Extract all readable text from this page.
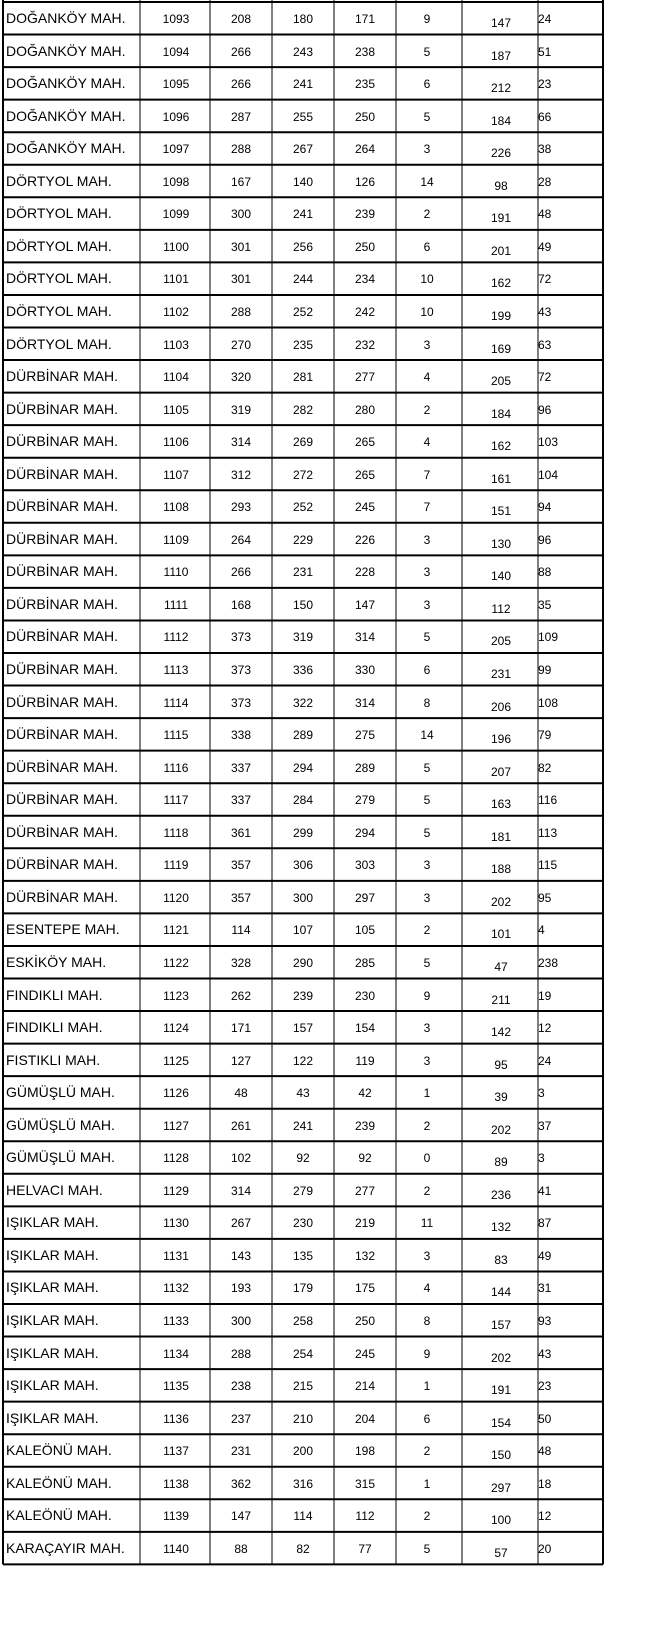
DOĞANKÖY MAH.	1093	208	180	171	9	147	24
DOĞANKÖY MAH.	1094	266	243	238	5	187	51
DOĞANKÖY MAH.	1095	266	241	235	6	212	23
DOĞANKÖY MAH.	1096	287	255	250	5	184	66
DOĞANKÖY MAH.	1097	288	267	264	3	226	38
DÖRTYOL MAH.	1098	167	140	126	14	98	28
DÖRTYOL MAH.	1099	300	241	239	2	191	48
DÖRTYOL MAH.	1100	301	256	250	6	201	49
DÖRTYOL MAH.	1101	301	244	234	10	162	72
DÖRTYOL MAH.	1102	288	252	242	10	199	43
DÖRTYOL MAH.	1103	270	235	232	3	169	63
DÜRBİNAR MAH.	1104	320	281	277	4	205	72
DÜRBİNAR MAH.	1105	319	282	280	2	184	96
DÜRBİNAR MAH.	1106	314	269	265	4	162	103
DÜRBİNAR MAH.	1107	312	272	265	7	161	104
DÜRBİNAR MAH.	1108	293	252	245	7	151	94
DÜRBİNAR MAH.	1109	264	229	226	3	130	96
DÜRBİNAR MAH.	1110	266	231	228	3	140	88
DÜRBİNAR MAH.	1111	168	150	147	3	112	35
DÜRBİNAR MAH.	1112	373	319	314	5	205	109
DÜRBİNAR MAH.	1113	373	336	330	6	231	99
DÜRBİNAR MAH.	1114	373	322	314	8	206	108
DÜRBİNAR MAH.	1115	338	289	275	14	196	79
DÜRBİNAR MAH.	1116	337	294	289	5	207	82
DÜRBİNAR MAH.	1117	337	284	279	5	163	116
DÜRBİNAR MAH.	1118	361	299	294	5	181	113
DÜRBİNAR MAH.	1119	357	306	303	3	188	115
DÜRBİNAR MAH.	1120	357	300	297	3	202	95
ESENTEPE MAH.	1121	114	107	105	2	101	4
ESKİKÖY MAH.	1122	328	290	285	5	47	238
FINDIKLI MAH.	1123	262	239	230	9	211	19
FINDIKLI MAH.	1124	171	157	154	3	142	12
FISTIKLI MAH.	1125	127	122	119	3	95	24
GÜMÜŞLÜ MAH.	1126	48	43	42	1	39	3
GÜMÜŞLÜ MAH.	1127	261	241	239	2	202	37
GÜMÜŞLÜ MAH.	1128	102	92	92	0	89	3
HELVACI MAH.	1129	314	279	277	2	236	41
IŞIKLAR MAH.	1130	267	230	219	11	132	87
IŞIKLAR MAH.	1131	143	135	132	3	83	49
IŞIKLAR MAH.	1132	193	179	175	4	144	31
IŞIKLAR MAH.	1133	300	258	250	8	157	93
IŞIKLAR MAH.	1134	288	254	245	9	202	43
IŞIKLAR MAH.	1135	238	215	214	1	191	23
IŞIKLAR MAH.	1136	237	210	204	6	154	50
KALEÖNÜ MAH.	1137	231	200	198	2	150	48
KALEÖNÜ MAH.	1138	362	316	315	1	297	18
KALEÖNÜ MAH.	1139	147	114	112	2	100	12
KARAÇAYIR MAH.	1140	88	82	77	5	57	20
